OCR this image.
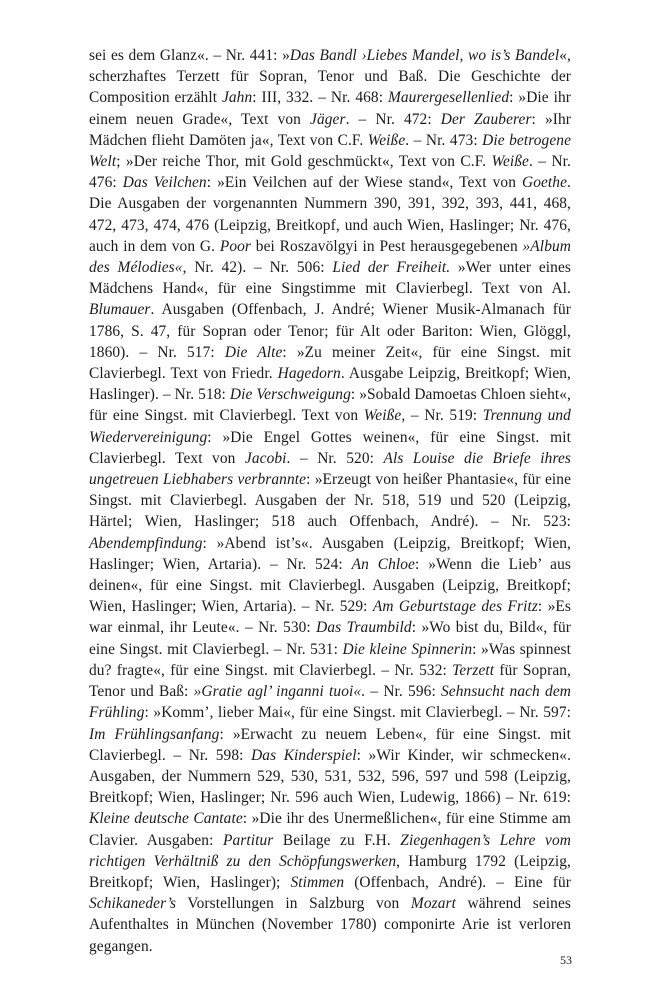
sei es dem Glanz«. – Nr. 441: »Das Bandl ›Liebes Mandel, wo is’s Bandel«, scherzhaftes Terzett für Sopran, Tenor und Baß. Die Geschichte der Composition erzählt Jahn: III, 332. – Nr. 468: Maurergesellenlied: »Die ihr einem neuen Grade«, Text von Jäger. – Nr. 472: Der Zauberer: »Ihr Mädchen flieht Damöten ja«, Text von C.F. Weiße. – Nr. 473: Die betrogene Welt; »Der reiche Thor, mit Gold geschmückt«, Text von C.F. Weiße. – Nr. 476: Das Veilchen: »Ein Veilchen auf der Wiese stand«, Text von Goethe. Die Ausgaben der vorgenannten Nummern 390, 391, 392, 393, 441, 468, 472, 473, 474, 476 (Leipzig, Breitkopf, und auch Wien, Haslinger; Nr. 476, auch in dem von G. Poor bei Roszavölgyi in Pest herausgegebenen »Album des Mélodies«, Nr. 42). – Nr. 506: Lied der Freiheit. »Wer unter eines Mädchens Hand«, für eine Singstimme mit Clavierbegl. Text von Al. Blumauer. Ausgaben (Offenbach, J. André; Wiener Musik-Almanach für 1786, S. 47, für Sopran oder Tenor; für Alt oder Bariton: Wien, Glöggl, 1860). – Nr. 517: Die Alte: »Zu meiner Zeit«, für eine Singst. mit Clavierbegl. Text von Friedr. Hagedorn. Ausgabe Leipzig, Breitkopf; Wien, Haslinger). – Nr. 518: Die Verschweigung: »Sobald Damoetas Chloen sieht«, für eine Singst. mit Clavierbegl. Text von Weiße, – Nr. 519: Trennung und Wiedervereinigung: »Die Engel Gottes weinen«, für eine Singst. mit Clavierbegl. Text von Jacobi. – Nr. 520: Als Louise die Briefe ihres ungetreuen Liebhabers verbrannte: »Erzeugt von heißer Phantasie«, für eine Singst. mit Clavierbegl. Ausgaben der Nr. 518, 519 und 520 (Leipzig, Härtel; Wien, Haslinger; 518 auch Offenbach, André). – Nr. 523: Abendempfindung: »Abend ist’s«. Ausgaben (Leipzig, Breitkopf; Wien, Haslinger; Wien, Artaria). – Nr. 524: An Chloe: »Wenn die Lieb’ aus deinen«, für eine Singst. mit Clavierbegl. Ausgaben (Leipzig, Breitkopf; Wien, Haslinger; Wien, Artaria). – Nr. 529: Am Geburtstage des Fritz: »Es war einmal, ihr Leute«. – Nr. 530: Das Traumbild: »Wo bist du, Bild«, für eine Singst. mit Clavierbegl. – Nr. 531: Die kleine Spinnerin: »Was spinnest du? fragte«, für eine Singst. mit Clavierbegl. – Nr. 532: Terzett für Sopran, Tenor und Baß: »Gratie agl’ inganni tuoi«. – Nr. 596: Sehnsucht nach dem Frühling: »Komm’, lieber Mai«, für eine Singst. mit Clavierbegl. – Nr. 597: Im Frühlingsanfang: »Erwacht zu neuem Leben«, für eine Singst. mit Clavierbegl. – Nr. 598: Das Kinderspiel: »Wir Kinder, wir schmecken«. Ausgaben, der Nummern 529, 530, 531, 532, 596, 597 und 598 (Leipzig, Breitkopf; Wien, Haslinger; Nr. 596 auch Wien, Ludewig, 1866) – Nr. 619: Kleine deutsche Cantate: »Die ihr des Unermeßlichen«, für eine Stimme am Clavier. Ausgaben: Partitur Beilage zu F.H. Ziegenhagen’s Lehre vom richtigen Verhältniß zu den Schöpfungswerken, Hamburg 1792 (Leipzig, Breitkopf; Wien, Haslinger); Stimmen (Offenbach, André). – Eine für Schikaneder’s Vorstellungen in Salzburg von Mozart während seines Aufenthaltes in München (November 1780) componirte Arie ist verloren gegangen.
53
